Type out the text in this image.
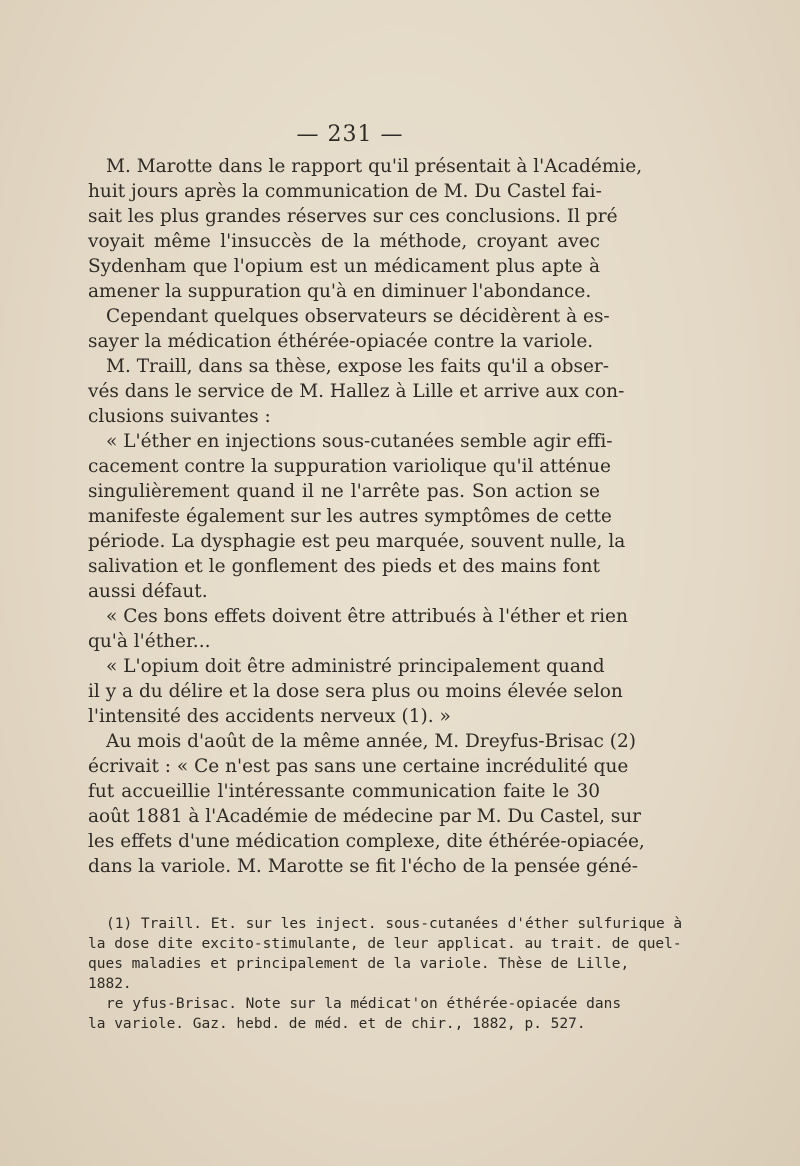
— 231 —
M. Marotte dans le rapport qu'il présentait à l'Académie,
huit jours après la communication de M. Du Castel fai-
sait les plus grandes réserves sur ces conclusions. Il pré
voyait même l'insuccès de la méthode, croyant avec
Sydenham que l'opium est un médicament plus apte à
amener la suppuration qu'à en diminuer l'abondance.
Cependant quelques observateurs se décidèrent à es-
sayer la médication éthérée-opiacée contre la variole.
M. Traill, dans sa thèse, expose les faits qu'il a obser-
vés dans le service de M. Hallez à Lille et arrive aux con-
clusions suivantes :
« L'éther en injections sous-cutanées semble agir effi-
cacement contre la suppuration variolique qu'il atténue
singulièrement quand il ne l'arrête pas. Son action se
manifeste également sur les autres symptômes de cette
période. La dysphagie est peu marquée, souvent nulle, la
salivation et le gonflement des pieds et des mains font
aussi défaut.
« Ces bons effets doivent être attribués à l'éther et rien
qu'à l'éther...
« L'opium doit être administré principalement quand
il y a du délire et la dose sera plus ou moins élevée selon
l'intensité des accidents nerveux (1). »
Au mois d'août de la même année, M. Dreyfus-Brisac (2)
écrivait : « Ce n'est pas sans une certaine incrédulité que
fut accueillie l'intéressante communication faite le 30
août 1881 à l'Académie de médecine par M. Du Castel, sur
les effets d'une médication complexe, dite éthérée-opiacée,
dans la variole. M. Marotte se fit l'écho de la pensée géné-
(1) Traill. Et. sur les inject. sous-cutanées d'éther sulfurique à
la dose dite excito-stimulante, de leur applicat. au trait. de quel-
ques maladies et principalement de la variole. Thèse de Lille,
1882.
re yfus-Brisac. Note sur la médicat'on éthérée-opiacée dans
la variole. Gaz. hebd. de méd. et de chir., 1882, p. 527.
